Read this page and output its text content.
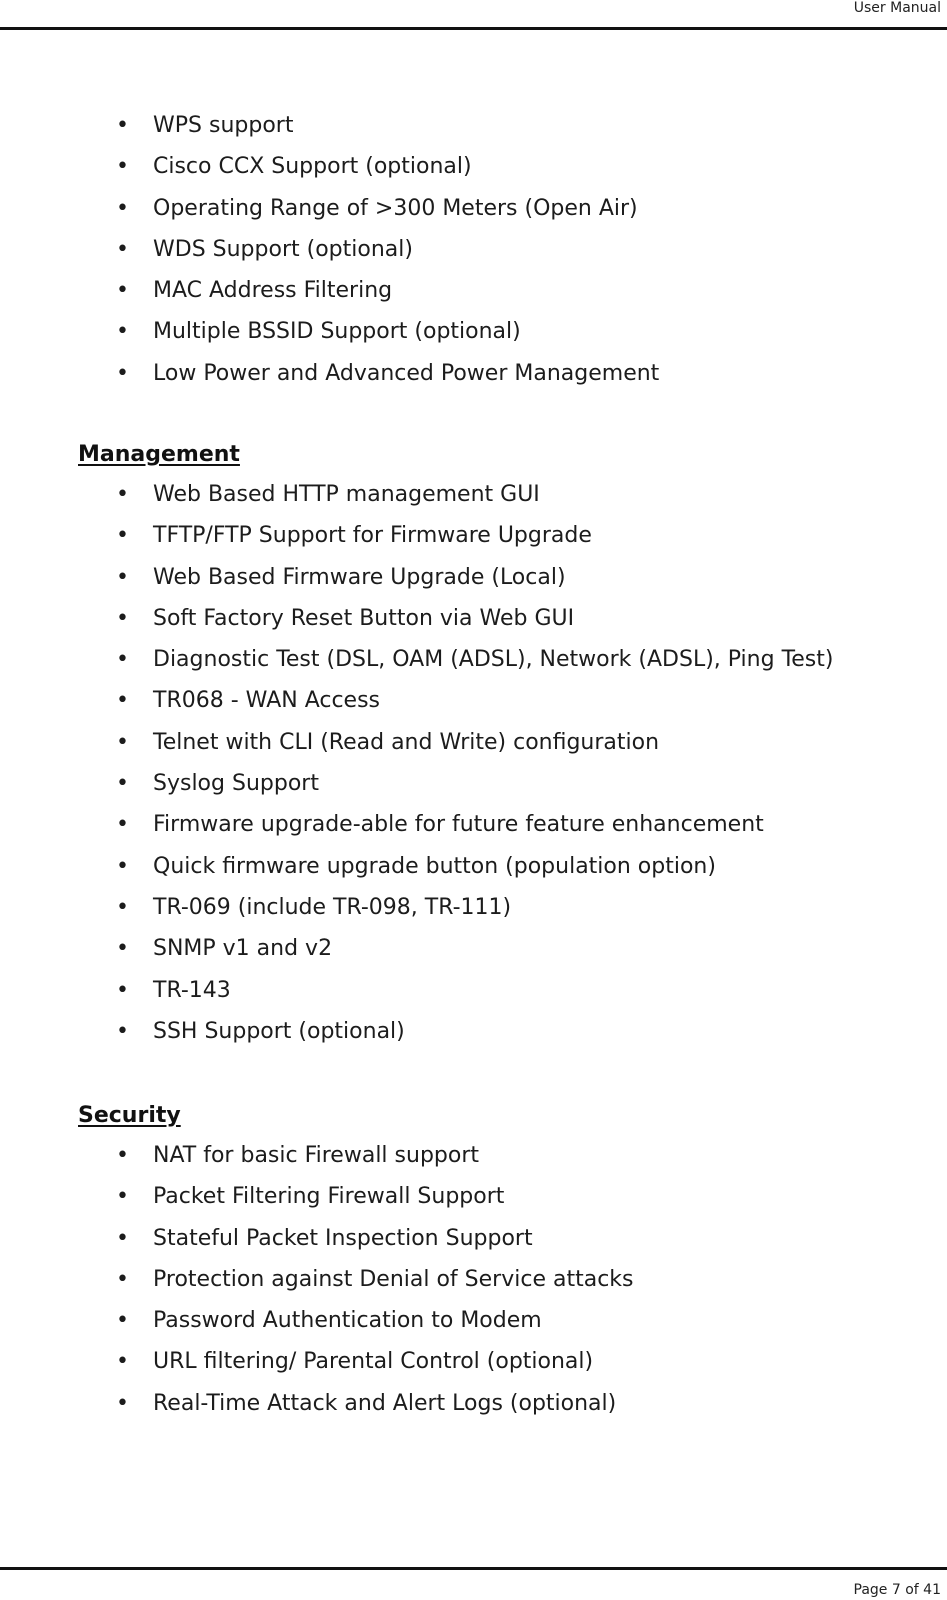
User Manual
• WPS support
• Cisco CCX Support (optional)
• Operating Range of >300 Meters (Open Air)
• WDS Support (optional)
• MAC Address Filtering
• Multiple BSSID Support (optional)
• Low Power and Advanced Power Management
Management
• Web Based HTTP management GUI
• TFTP/FTP Support for Firmware Upgrade
• Web Based Firmware Upgrade (Local)
• Soft Factory Reset Button via Web GUI
• Diagnostic Test (DSL, OAM (ADSL), Network (ADSL), Ping Test)
• TR068 - WAN Access
• Telnet with CLI (Read and Write) configuration
• Syslog Support
• Firmware upgrade-able for future feature enhancement
• Quick firmware upgrade button (population option)
• TR-069 (include TR-098, TR-111)
• SNMP v1 and v2
• TR-143
• SSH Support (optional)
Security
• NAT for basic Firewall support
• Packet Filtering Firewall Support
• Stateful Packet Inspection Support
• Protection against Denial of Service attacks
• Password Authentication to Modem
• URL filtering/ Parental Control (optional)
• Real-Time Attack and Alert Logs (optional)
Page 7 of 41
